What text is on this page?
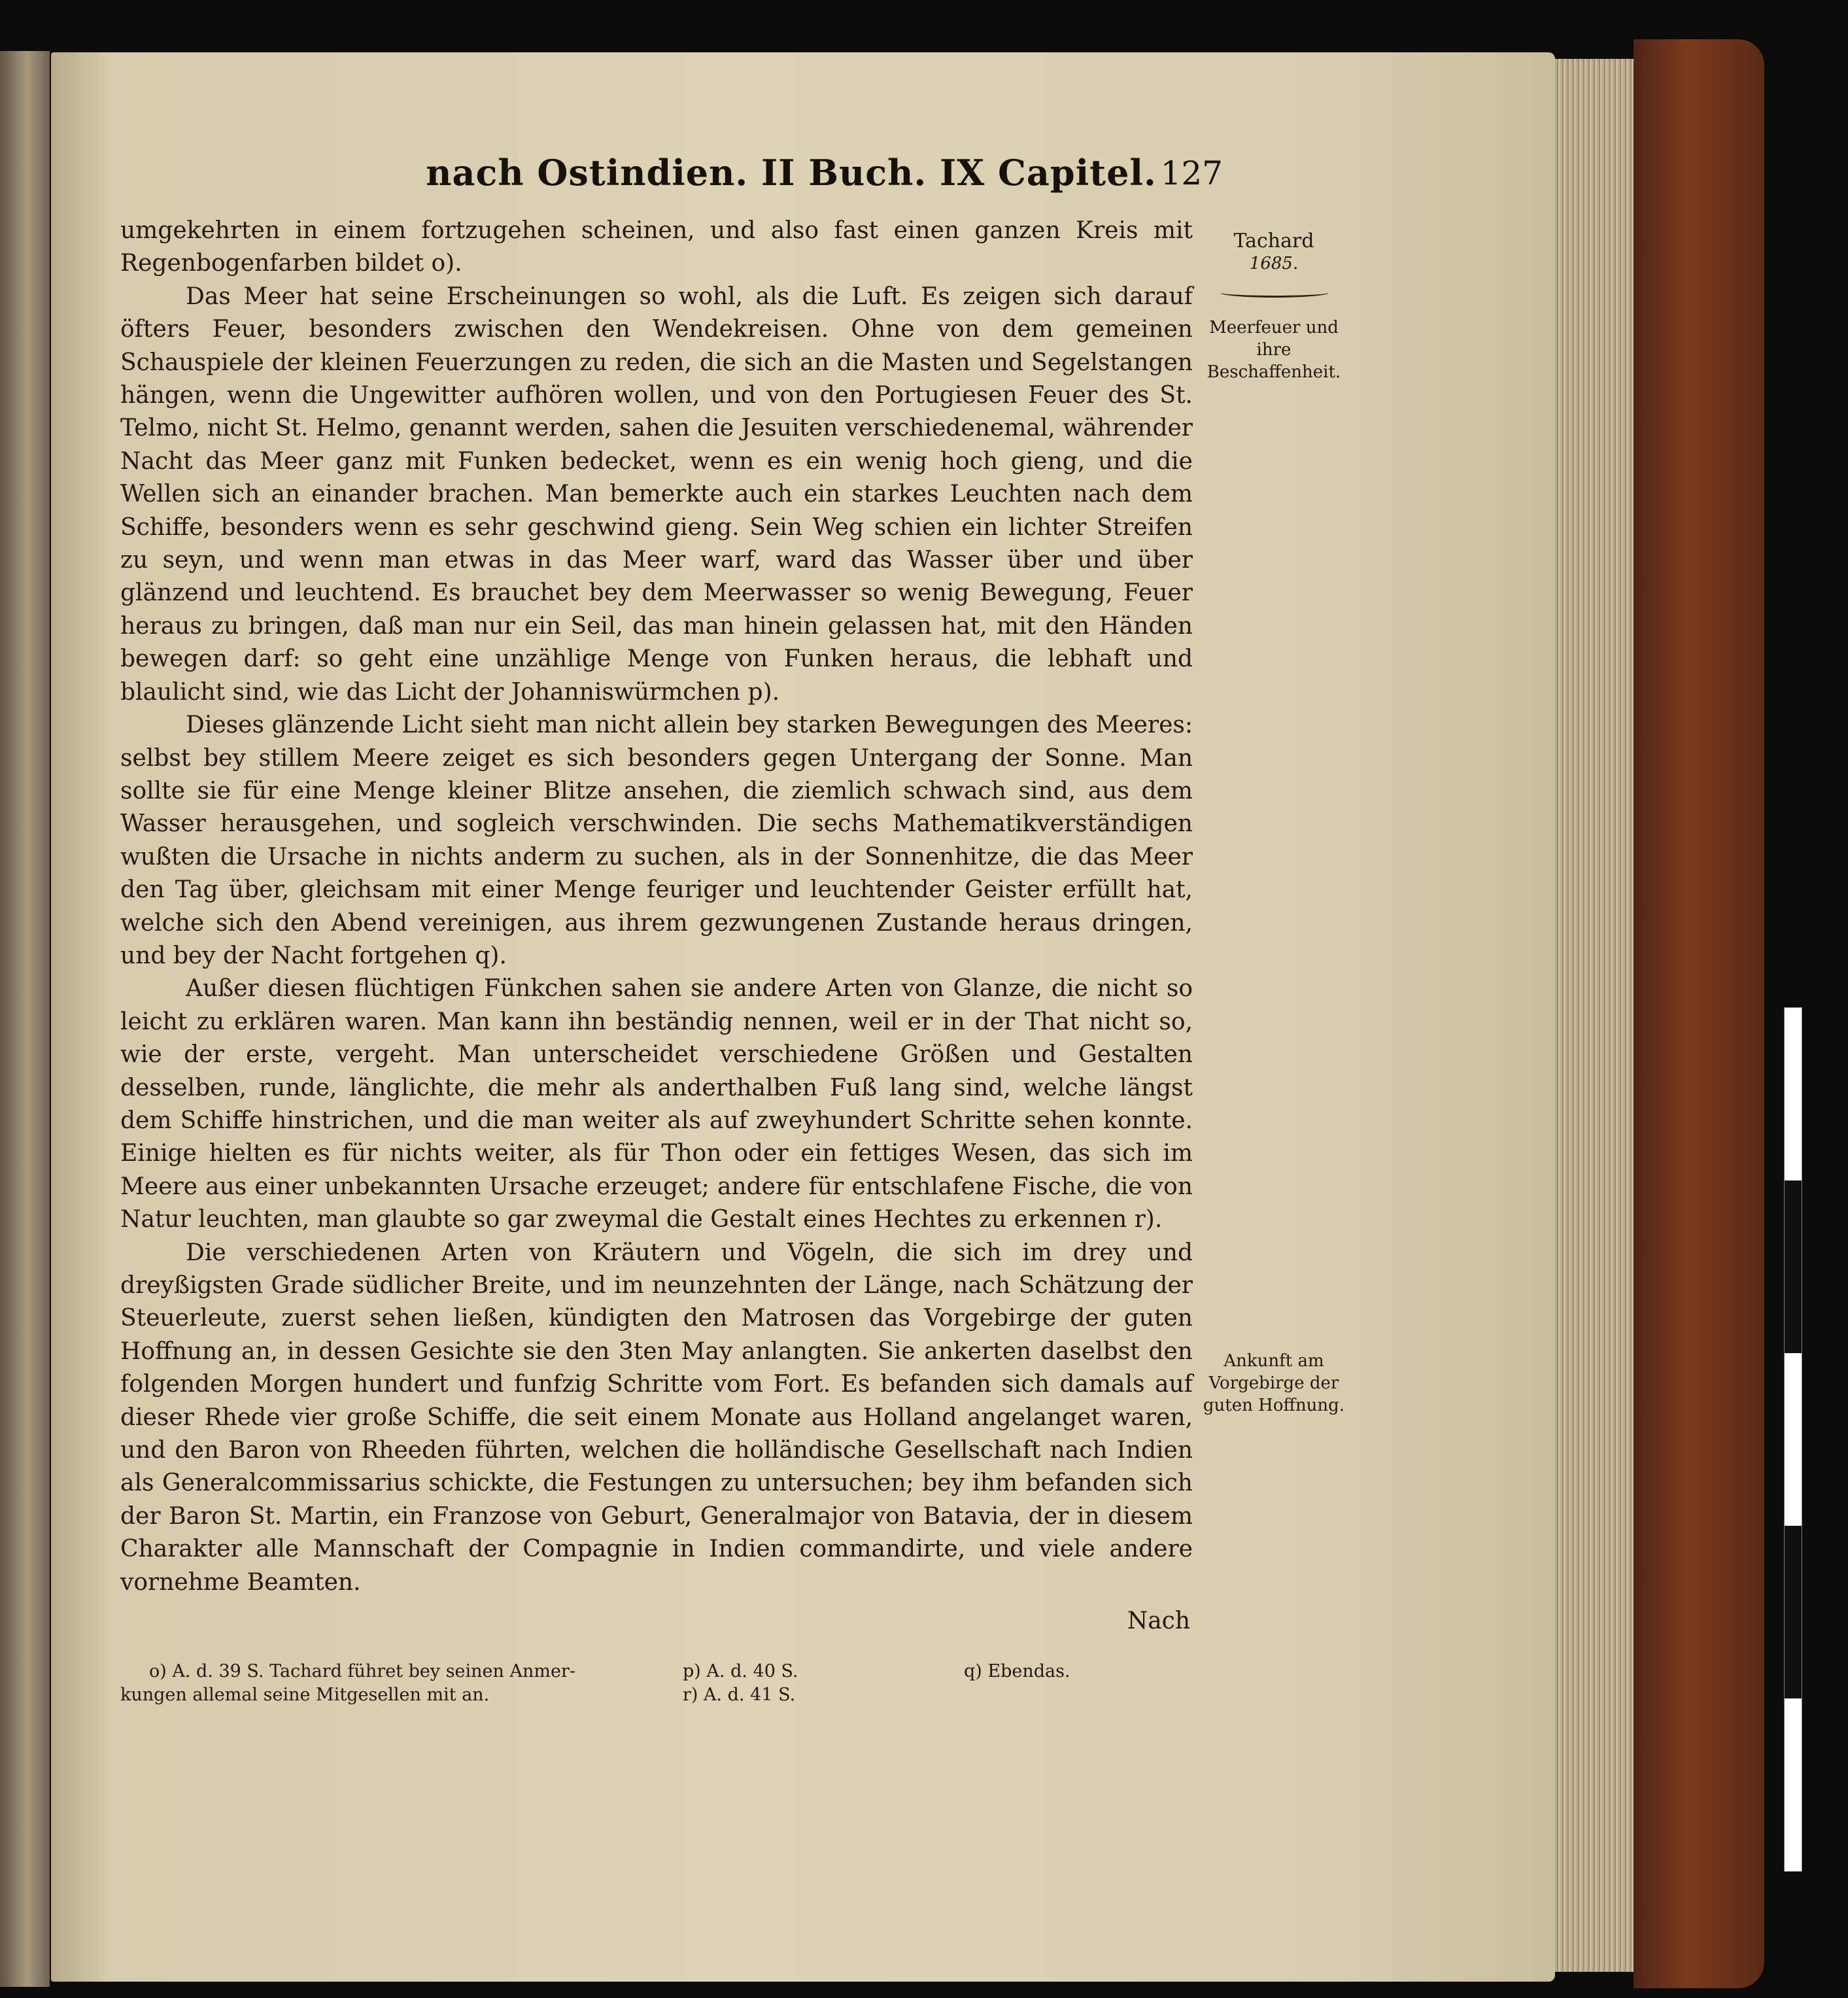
nach Ostindien. II Buch. IX Capitel. 127

umgekehrten in einem fortzugehen scheinen, und also fast einen ganzen Kreis mit Regenbogenfarben bildet o).

Das Meer hat seine Erscheinungen so wohl, als die Luft. Es zeigen sich darauf öfters Feuer, besonders zwischen den Wendekreisen. Ohne von dem gemeinen Schauspiele der kleinen Feuerzungen zu reden, die sich an die Masten und Segelstangen hängen, wenn die Ungewitter aufhören wollen, und von den Portugiesen Feuer des St. Telmo, nicht St. Helmo, genannt werden, sahen die Jesuiten verschiedenemal, währender Nacht das Meer ganz mit Funken bedecket, wenn es ein wenig hoch gieng, und die Wellen sich an einander brachen. Man bemerkte auch ein starkes Leuchten nach dem Schiffe, besonders wenn es sehr geschwind gieng. Sein Weg schien ein lichter Streifen zu seyn, und wenn man etwas in das Meer warf, ward das Wasser über und über glänzend und leuchtend. Es brauchet bey dem Meerwasser so wenig Bewegung, Feuer heraus zu bringen, daß man nur ein Seil, das man hinein gelassen hat, mit den Händen bewegen darf: so geht eine unzählige Menge von Funken heraus, die lebhaft und blaulicht sind, wie das Licht der Johanniswürmchen p).

Dieses glänzende Licht sieht man nicht allein bey starken Bewegungen des Meeres: selbst bey stillem Meere zeiget es sich besonders gegen Untergang der Sonne. Man sollte sie für eine Menge kleiner Blitze ansehen, die ziemlich schwach sind, aus dem Wasser herausgehen, und sogleich verschwinden. Die sechs Mathematikverständigen wußten die Ursache in nichts anderm zu suchen, als in der Sonnenhitze, die das Meer den Tag über, gleichsam mit einer Menge feuriger und leuchtender Geister erfüllt hat, welche sich den Abend vereinigen, aus ihrem gezwungenen Zustande heraus dringen, und bey der Nacht fortgehen q).

Außer diesen flüchtigen Fünkchen sahen sie andere Arten von Glanze, die nicht so leicht zu erklären waren. Man kann ihn beständig nennen, weil er in der That nicht so, wie der erste, vergeht. Man unterscheidet verschiedene Größen und Gestalten desselben, runde, länglichte, die mehr als anderthalben Fuß lang sind, welche längst dem Schiffe hinstrichen, und die man weiter als auf zweyhundert Schritte sehen konnte. Einige hielten es für nichts weiter, als für Thon oder ein fettiges Wesen, das sich im Meere aus einer unbekannten Ursache erzeuget; andere für entschlafene Fische, die von Natur leuchten, man glaubte so gar zweymal die Gestalt eines Hechtes zu erkennen r).

Die verschiedenen Arten von Kräutern und Vögeln, die sich im drey und dreyßigsten Grade südlicher Breite, und im neunzehnten der Länge, nach Schätzung der Steuerleute, zuerst sehen ließen, kündigten den Matrosen das Vorgebirge der guten Hoffnung an, in dessen Gesichte sie den 3ten May anlangten. Sie ankerten daselbst den folgenden Morgen hundert und funfzig Schritte vom Fort. Es befanden sich damals auf dieser Rhede vier große Schiffe, die seit einem Monate aus Holland angelanget waren, und den Baron von Rheeden führten, welchen die holländische Gesellschaft nach Indien als Generalcommissarius schickte, die Festungen zu untersuchen; bey ihm befanden sich der Baron St. Martin, ein Franzose von Geburt, Generalmajor von Batavia, der in diesem Charakter alle Mannschaft der Compagnie in Indien commandirte, und viele andere vornehme Beamten.

Nach
Tachard
1685.
Meerfeuer und ihre Beschaffenheit.
Ankunft am Vorgebirge der guten Hoffnung.
o) A. d. 39 S. Tachard führet bey seinen Anmer-
kungen allemal seine Mitgesellen mit an.
p) A. d. 40 S.
r) A. d. 41 S.
q) Ebendas.
